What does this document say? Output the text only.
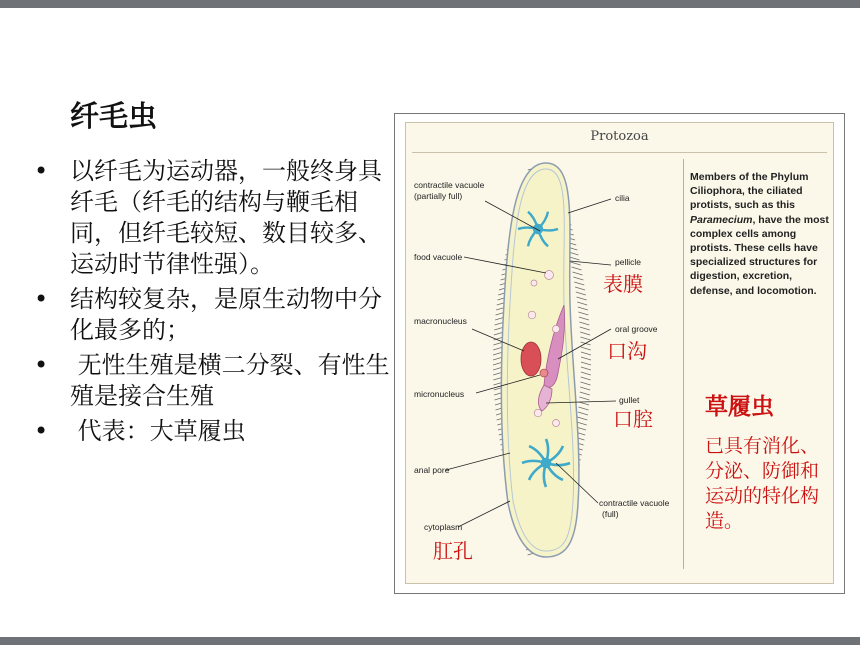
纤毛虫
• 以纤毛为运动器，一般终身具纤毛（纤毛的结构与鞭毛相同，但纤毛较短、数目较多、运动时节律性强）。
• 结构较复杂，是原生动物中分化最多的；
• 无性生殖是横二分裂、有性生殖是接合生殖
• 代表：大草履虫
Protozoa
contractile vacuole
(partially full)	cilia
food vacuole	pellicle
macronucleus
oral groove
micronucleus
gullet
anal pore
contractile vacuole
(full)
cytoplasm
Members of the Phylum Ciliophora, the ciliated protists, such as this Paramecium, have the most complex cells among protists. These cells have specialized structures for digestion, excretion, defense, and locomotion.
表膜
口沟
口腔
肛孔
草履虫
已具有消化、分泌、防御和运动的特化构造。
